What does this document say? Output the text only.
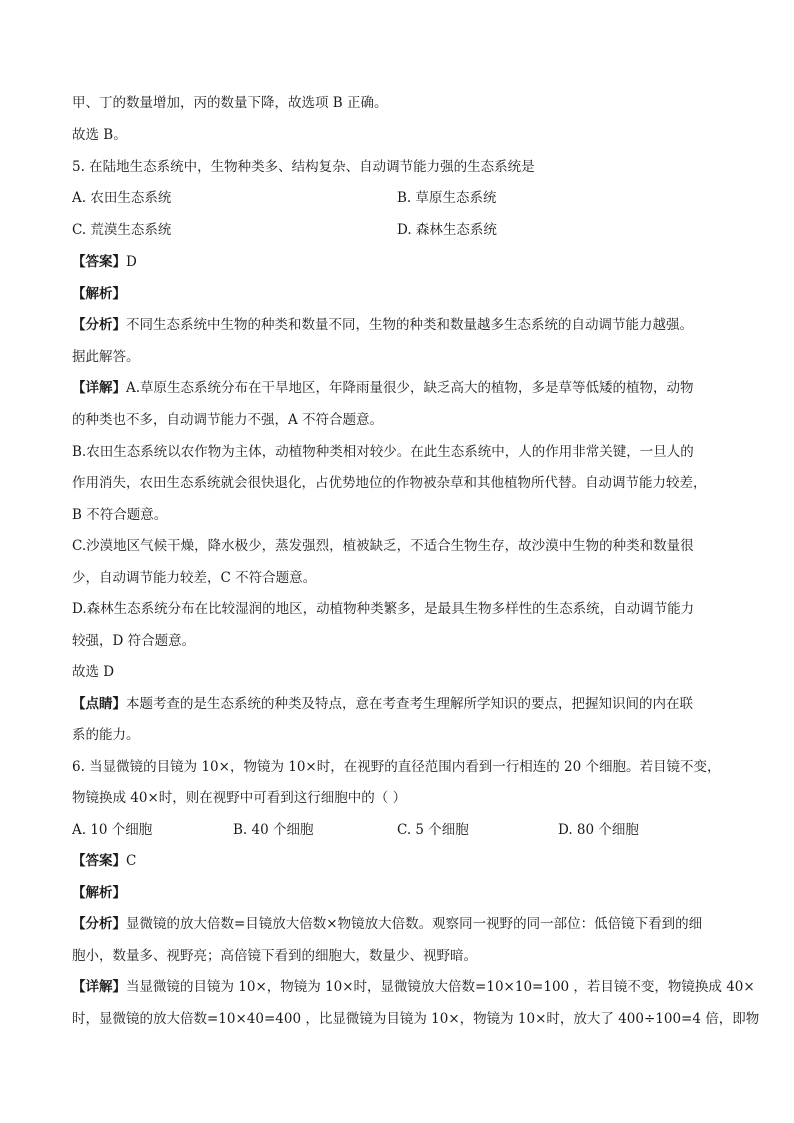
甲、丁的数量增加，丙的数量下降，故选项 B 正确。
故选 B。
5. 在陆地生态系统中，生物种类多、结构复杂、自动调节能力强的生态系统是
A. 农田生态系统	B. 草原生态系统
C. 荒漠生态系统	D. 森林生态系统
【答案】D
【解析】
【分析】不同生态系统中生物的种类和数量不同，生物的种类和数量越多生态系统的自动调节能力越强。
据此解答。
【详解】A.草原生态系统分布在干旱地区，年降雨量很少，缺乏高大的植物，多是草等低矮的植物，动物
的种类也不多，自动调节能力不强，A 不符合题意。
B.农田生态系统以农作物为主体，动植物种类相对较少。在此生态系统中，人的作用非常关键，一旦人的
作用消失，农田生态系统就会很快退化，占优势地位的作物被杂草和其他植物所代替。自动调节能力较差，
B 不符合题意。
C.沙漠地区气候干燥，降水极少，蒸发强烈，植被缺乏，不适合生物生存，故沙漠中生物的种类和数量很
少，自动调节能力较差，C 不符合题意。
D.森林生态系统分布在比较湿润的地区，动植物种类繁多，是最具生物多样性的生态系统，自动调节能力
较强，D 符合题意。
故选 D
【点睛】本题考查的是生态系统的种类及特点，意在考查考生理解所学知识的要点，把握知识间的内在联
系的能力。
6. 当显微镜的目镜为 10×，物镜为 10×时，在视野的直径范围内看到一行相连的 20 个细胞。若目镜不变，
物镜换成 40×时，则在视野中可看到这行细胞中的（ ）
A. 10 个细胞	B. 40 个细胞	C. 5 个细胞	D. 80 个细胞
【答案】C
【解析】
【分析】显微镜的放大倍数=目镜放大倍数×物镜放大倍数。观察同一视野的同一部位：低倍镜下看到的细
胞小，数量多、视野亮；高倍镜下看到的细胞大，数量少、视野暗。
【详解】当显微镜的目镜为 10×，物镜为 10×时，显微镜放大倍数=10×10=100 ，若目镜不变，物镜换成 40×
时，显微镜的放大倍数=10×40=400 ，比显微镜为目镜为 10×，物镜为 10×时，放大了 400÷100=4 倍，即物
